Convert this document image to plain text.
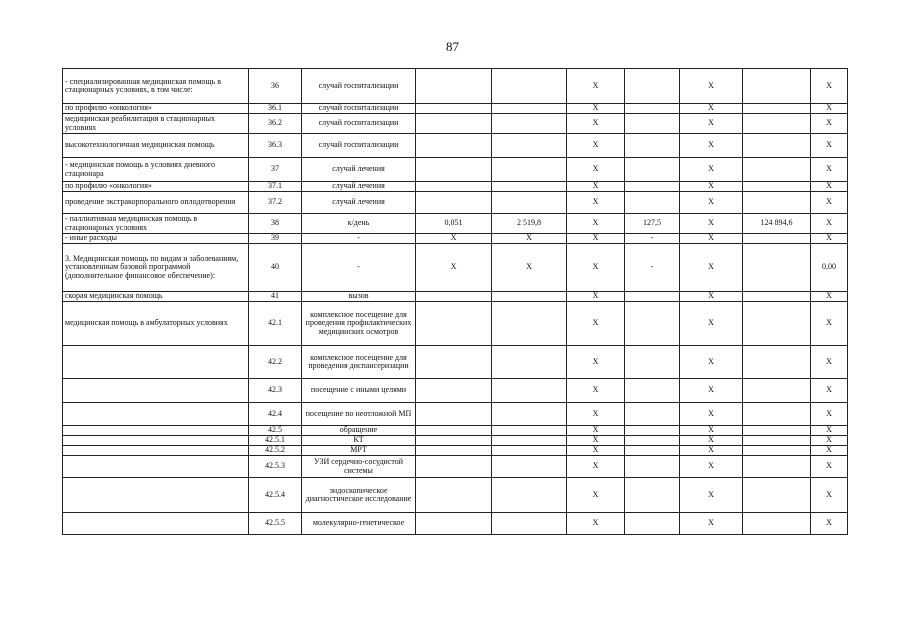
87
- специализированная медицинская помощь в стационарных условиях, в том числе:	36	случай госпитализации			X		X		X
по профилю «онкология»	36.1	случай госпитализации			X		X		X
медицинская реабилитация в стационарных условиях	36.2	случай госпитализации			X		X		X
высокотехнологичная медицинская помощь	36.3	случай госпитализации			X		X		X
- медицинская помощь в условиях дневного стационара	37	случай лечения			X		X		X
по профилю «онкология»	37.1	случай лечения			X		X		X
проведение экстракорпорального оплодотворения	37.2	случай лечения			X		X		X
- паллиативная медицинская помощь в стационарных условиях	38	к/день	0,051	2 519,8	X	127,5	X	124 894,6	X
- иные расходы	39	-	X	X	X	-	X		X
3. Медицинская помощь по видам и заболеваниям, установленным базовой программой (дополнительное финансовое обеспечение):	40	-	X	X	X	-	X		0,00
скорая медицинская помощь	41	вызов			X		X		X
медицинская помощь в амбулаторных условиях	42.1	комплексное посещение для проведения профилактических медицинских осмотров			X		X		X
	42.2	комплексное посещение для проведения диспансеризации			X		X		X
	42.3	посещение с иными целями			X		X		X
	42.4	посещение по неотложной МП			X		X		X
	42.5	обращение			X		X		X
	42.5.1	КТ			X		X		X
	42.5.2	МРТ			X		X		X
	42.5.3	УЗИ сердечно-сосудистой системы			X		X		X
	42.5.4	эндоскопическое диагностическое исследование			X		X		X
	42.5.5	молекулярно-генетическое			X		X		X
